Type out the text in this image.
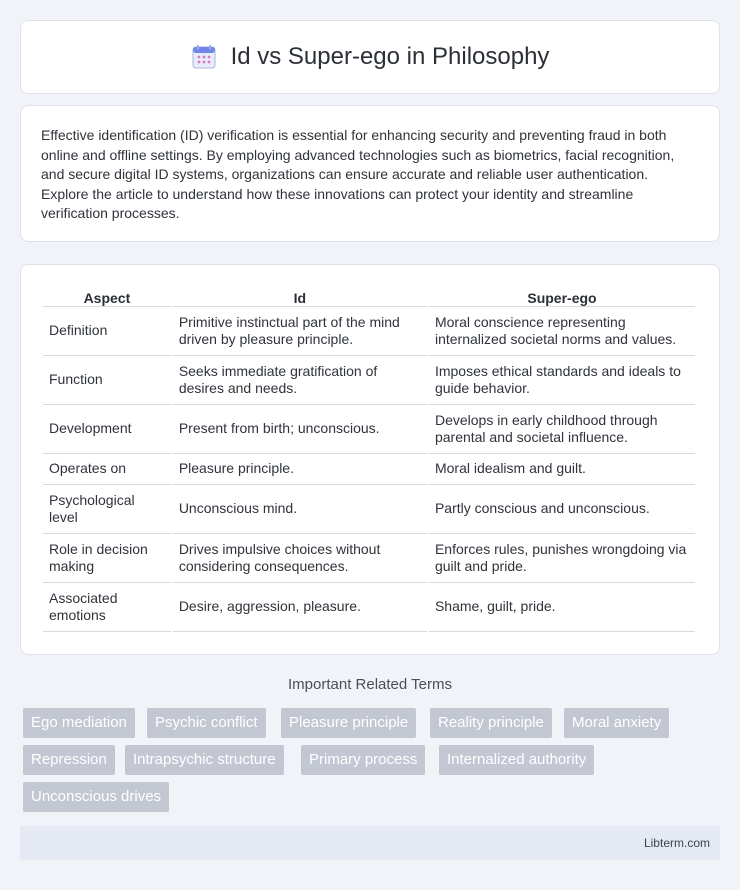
Id vs Super-ego in Philosophy

Effective identification (ID) verification is essential for enhancing security and preventing fraud in both online and offline settings. By employing advanced technologies such as biometrics, facial recognition, and secure digital ID systems, organizations can ensure accurate and reliable user authentication. Explore the article to understand how these innovations can protect your identity and streamline verification processes.

Aspect	Id	Super-ego
Definition	Primitive instinctual part of the mind driven by pleasure principle.	Moral conscience representing internalized societal norms and values.
Function	Seeks immediate gratification of desires and needs.	Imposes ethical standards and ideals to guide behavior.
Development	Present from birth; unconscious.	Develops in early childhood through parental and societal influence.
Operates on	Pleasure principle.	Moral idealism and guilt.
Psychological level	Unconscious mind.	Partly conscious and unconscious.
Role in decision making	Drives impulsive choices without considering consequences.	Enforces rules, punishes wrongdoing via guilt and pride.
Associated emotions	Desire, aggression, pleasure.	Shame, guilt, pride.
Important Related Terms
Ego mediation	Psychic conflict	Pleasure principle	Reality principle	Moral anxiety
Repression	Intrapsychic structure	Primary process	Internalized authority
Unconscious drives
Libterm.com
